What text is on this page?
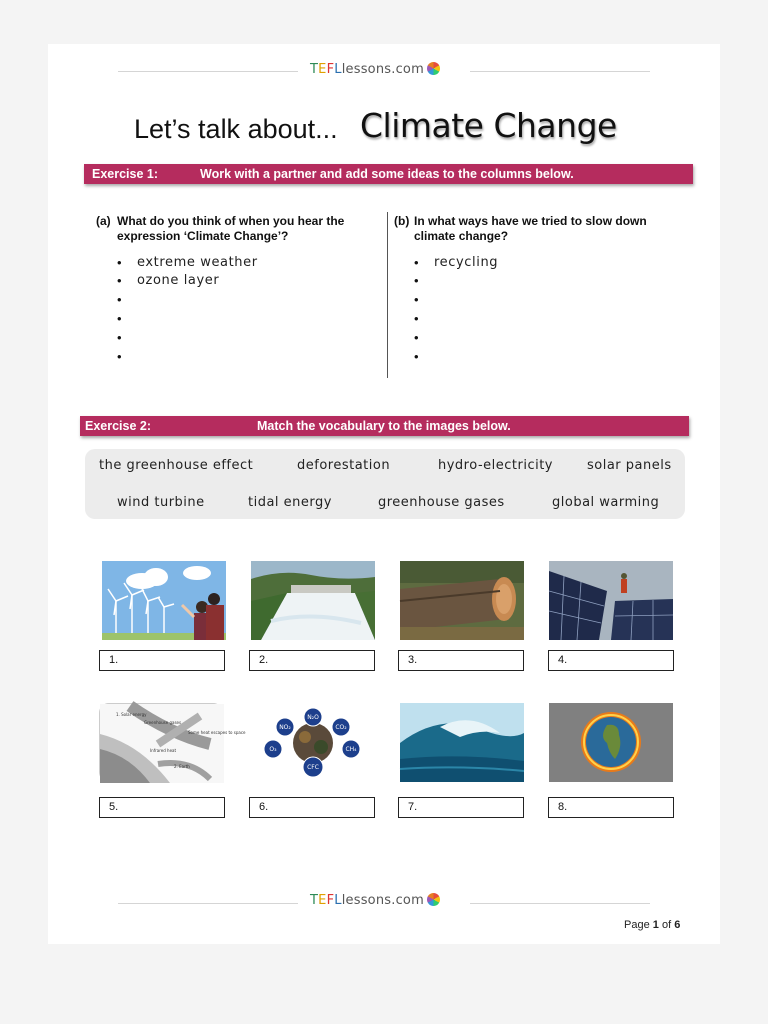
TEFLlessons.com
Let’s talk about... Climate Change
Exercise 1:	Work with a partner and add some ideas to the columns below.
(a) What do you think of when you hear the expression ‘Climate Change’?
• extreme weather
• ozone layer
•
•
•
•
(b) In what ways have we tried to slow down climate change?
• recycling
•
•
•
•
•
Exercise 2:	Match the vocabulary to the images below.
the greenhouse effect	deforestation	hydro-electricity	solar panels
wind turbine	tidal energy	greenhouse gases	global warming
1.	2.	3.	4.
1. Solar energy
Greenhouse gases
Some heat escapes to space
Infrared heat
2. Earth
NO₂
N₂O
CO₂
O₃	CH₄
CFC
5.	6.	7.	8.
TEFLlessons.com
Page 1 of 6
